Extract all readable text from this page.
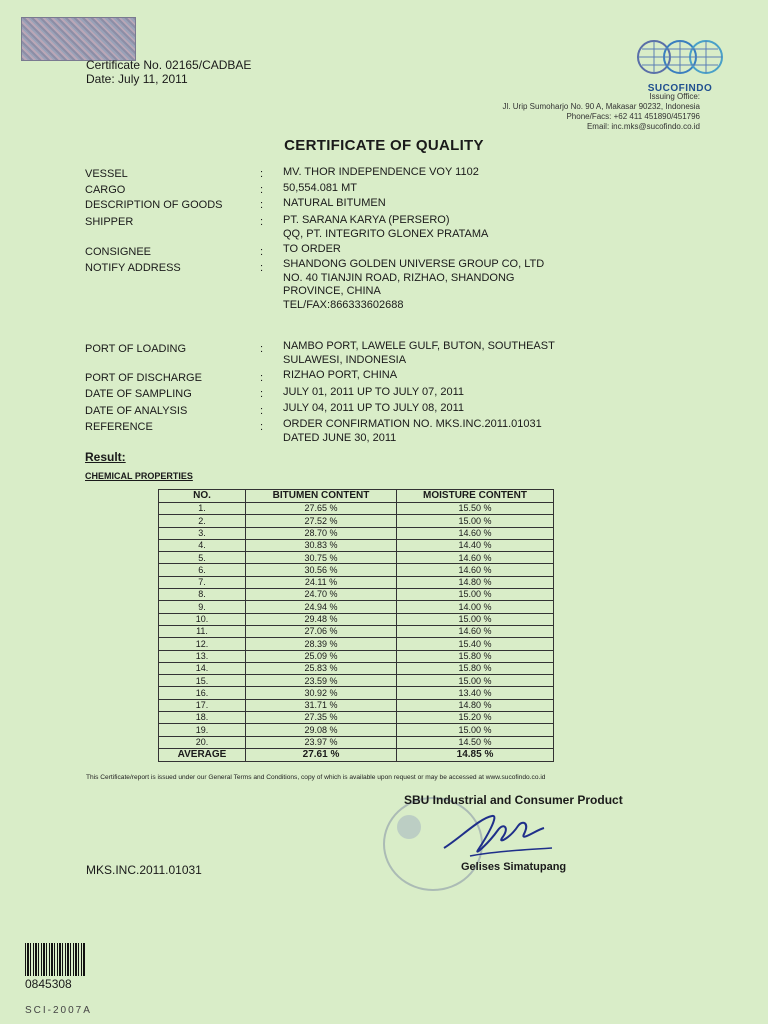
Certificate No. 02165/CADBAE
Date: July 11, 2011
SUCOFINDO
Issuing Office:
Jl. Urip Sumoharjo No. 90 A, Makasar 90232, Indonesia
Phone/Facs: +62 411 451890/451796
Email: inc.mks@sucofindo.co.id
CERTIFICATE OF QUALITY
VESSEL	: MV. THOR INDEPENDENCE VOY 1102
CARGO	: 50,554.081 MT
DESCRIPTION OF GOODS	: NATURAL BITUMEN
SHIPPER	: PT. SARANA KARYA (PERSERO)
QQ, PT. INTEGRITO GLONEX PRATAMA
CONSIGNEE	: TO ORDER
NOTIFY ADDRESS	: SHANDONG GOLDEN UNIVERSE GROUP CO, LTD
NO. 40 TIANJIN ROAD, RIZHAO, SHANDONG
PROVINCE, CHINA
TEL/FAX:866333602688
PORT OF LOADING	: NAMBO PORT, LAWELE GULF, BUTON, SOUTHEAST
SULAWESI, INDONESIA
PORT OF DISCHARGE	: RIZHAO PORT, CHINA
DATE OF SAMPLING	: JULY 01, 2011 UP TO JULY 07, 2011
DATE OF ANALYSIS	: JULY 04, 2011 UP TO JULY 08, 2011
REFERENCE	: ORDER CONFIRMATION NO. MKS.INC.2011.01031
DATED JUNE 30, 2011
Result:
CHEMICAL PROPERTIES
NO.	BITUMEN CONTENT	MOISTURE CONTENT
1.	27.65 %	15.50 %
2.	27.52 %	15.00 %
3.	28.70 %	14.60 %
4.	30.83 %	14.40 %
5.	30.75 %	14.60 %
6.	30.56 %	14.60 %
7.	24.11 %	14.80 %
8.	24.70 %	15.00 %
9.	24.94 %	14.00 %
10.	29.48 %	15.00 %
11.	27.06 %	14.60 %
12.	28.39 %	15.40 %
13.	25.09 %	15.80 %
14.	25.83 %	15.80 %
15.	23.59 %	15.00 %
16.	30.92 %	13.40 %
17.	31.71 %	14.80 %
18.	27.35 %	15.20 %
19.	29.08 %	15.00 %
20.	23.97 %	14.50 %
AVERAGE	27.61 %	14.85 %
This Certificate/report is issued under our General Terms and Conditions, copy of which is available upon request or may be accessed at www.sucofindo.co.id
SBU Industrial and Consumer Product
Gelises Simatupang
MKS.INC.2011.01031
0845308
SCI-2007A
